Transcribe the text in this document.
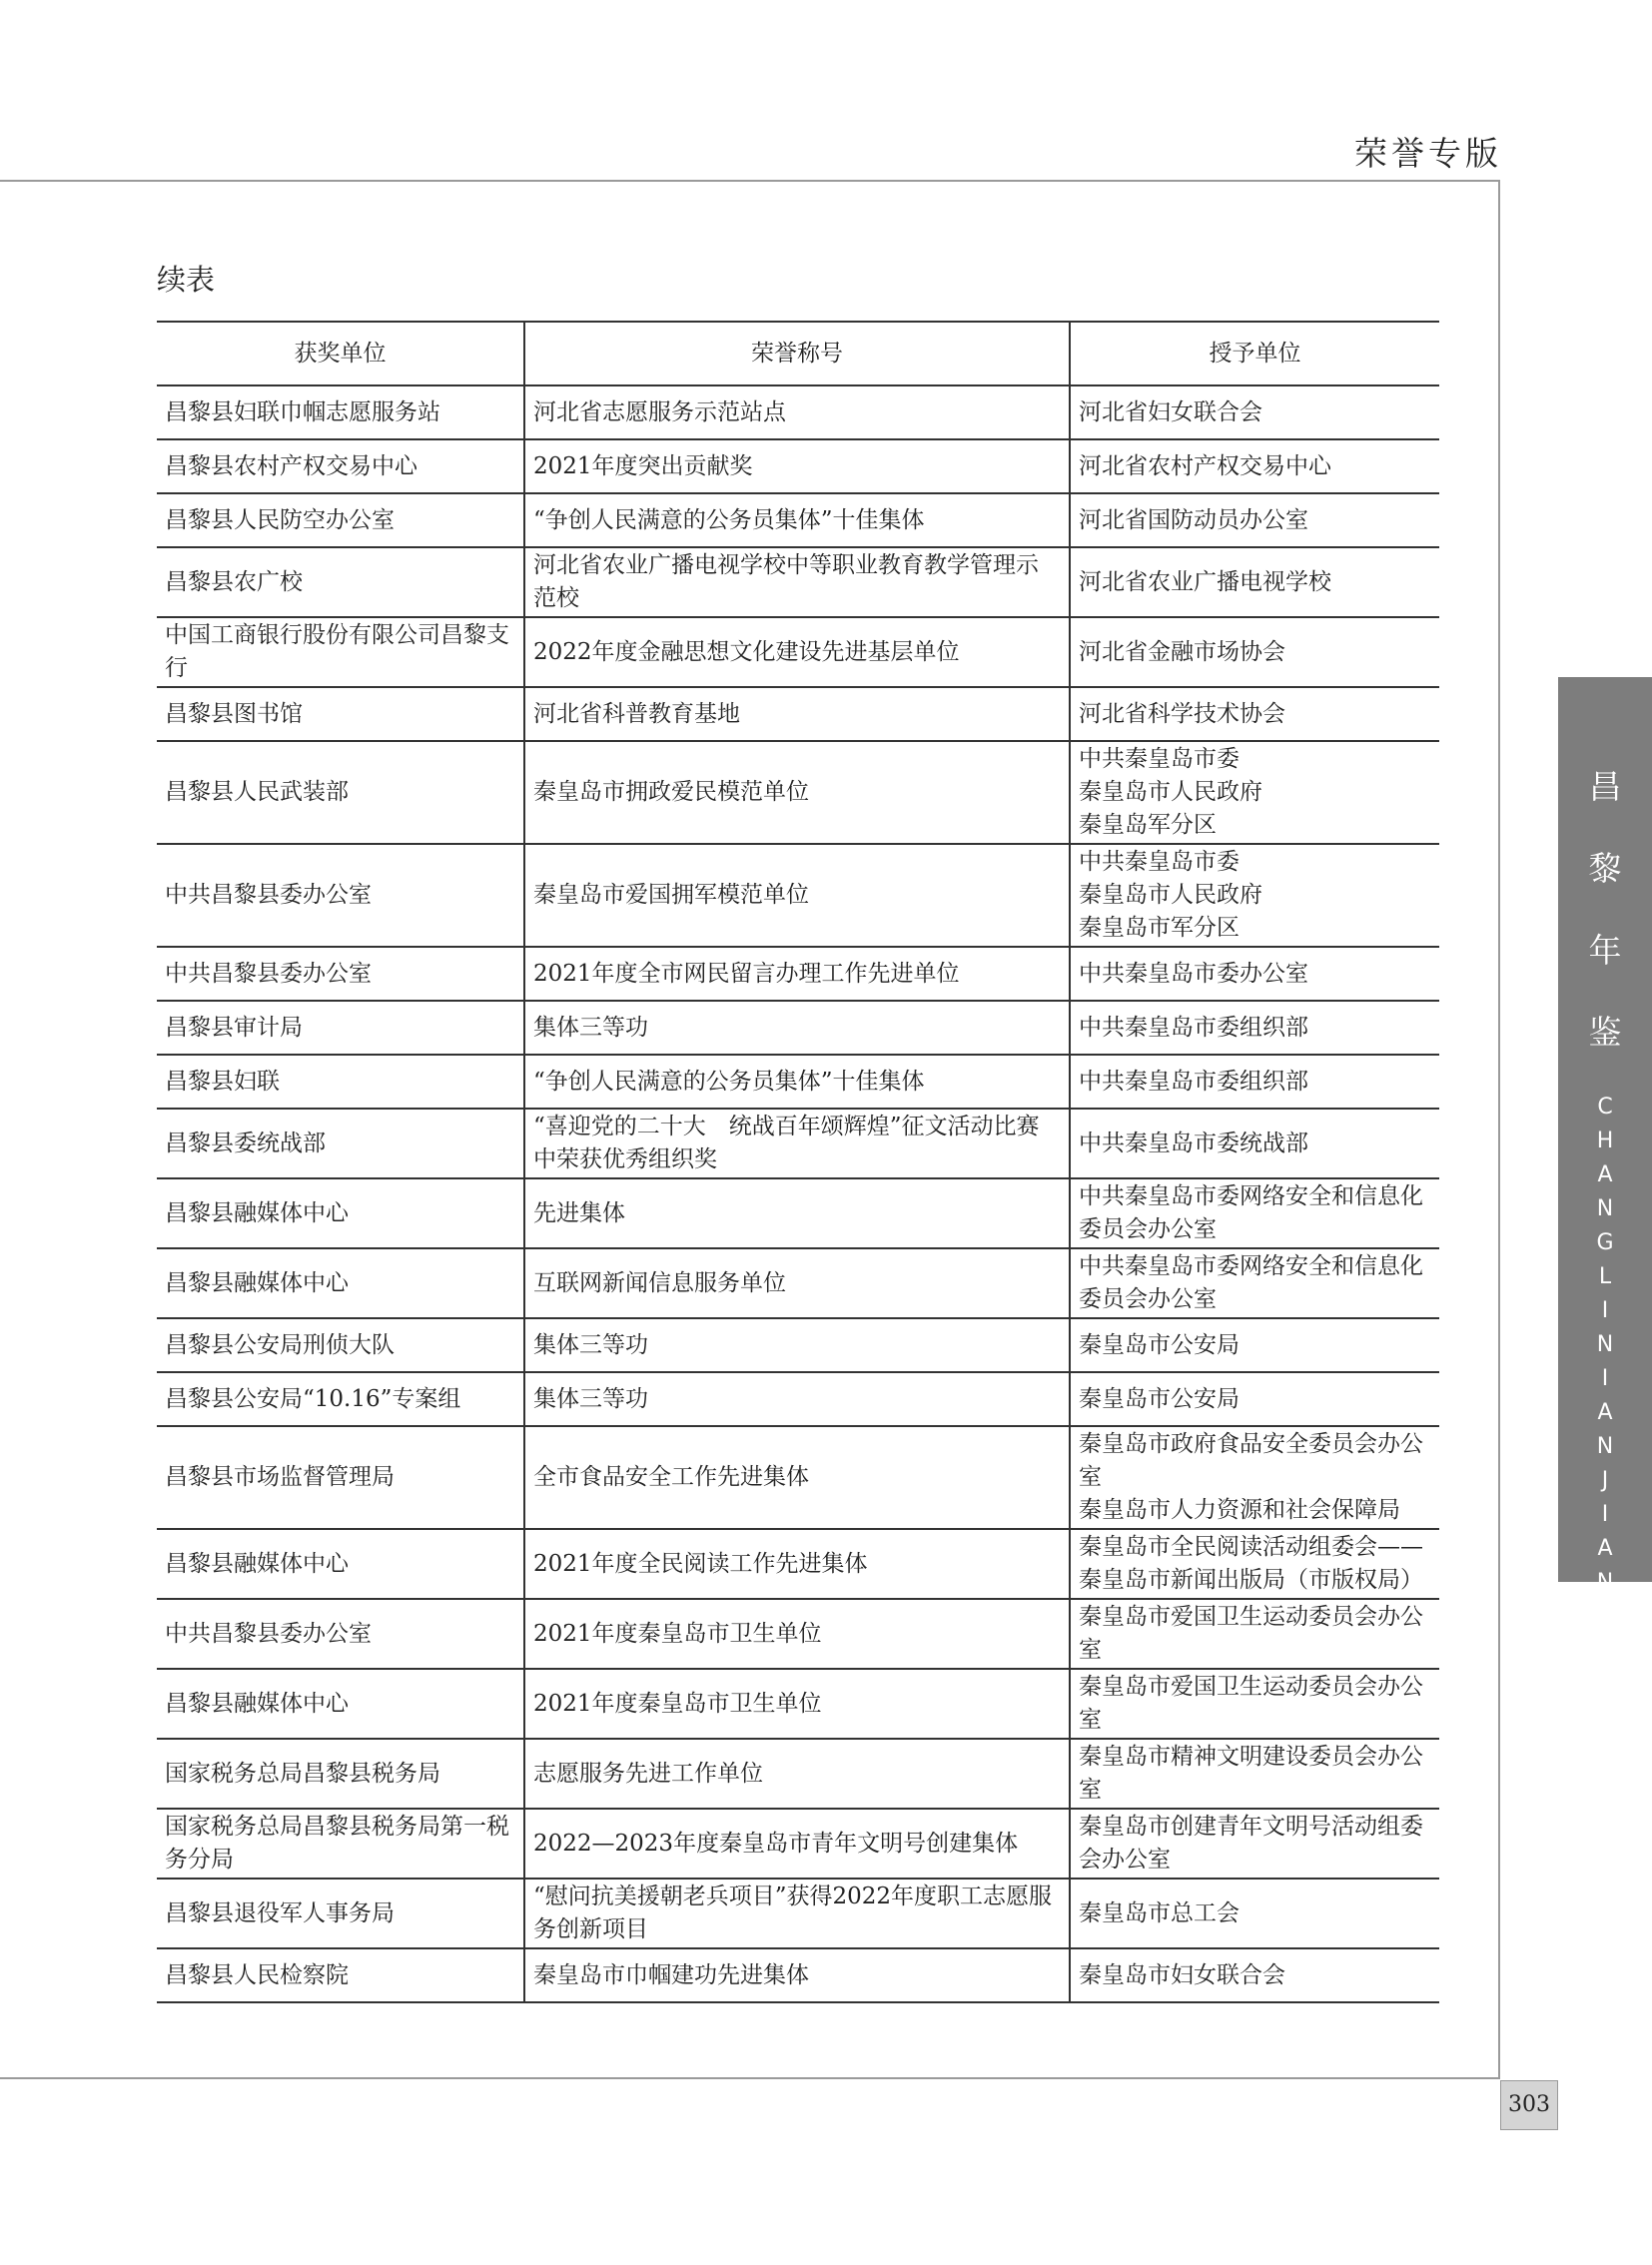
荣誉专版
昌
黎
年
鉴
C
H
A
N
G
L
I
N
I
A
N
J
I
A
N
续表
获奖单位	荣誉称号	授予单位
昌黎县妇联巾帼志愿服务站	河北省志愿服务示范站点	河北省妇女联合会
昌黎县农村产权交易中心	2021年度突出贡献奖	河北省农村产权交易中心
昌黎县人民防空办公室	“争创人民满意的公务员集体”十佳集体	河北省国防动员办公室
昌黎县农广校	河北省农业广播电视学校中等职业教育教学管理示范校	河北省农业广播电视学校
中国工商银行股份有限公司昌黎支行	2022年度金融思想文化建设先进基层单位	河北省金融市场协会
昌黎县图书馆	河北省科普教育基地	河北省科学技术协会
昌黎县人民武装部	秦皇岛市拥政爱民模范单位	中共秦皇岛市委
秦皇岛市人民政府
秦皇岛军分区
中共昌黎县委办公室	秦皇岛市爱国拥军模范单位	中共秦皇岛市委
秦皇岛市人民政府
秦皇岛市军分区
中共昌黎县委办公室	2021年度全市网民留言办理工作先进单位	中共秦皇岛市委办公室
昌黎县审计局	集体三等功	中共秦皇岛市委组织部
昌黎县妇联	“争创人民满意的公务员集体”十佳集体	中共秦皇岛市委组织部
昌黎县委统战部	“喜迎党的二十大　统战百年颂辉煌”征文活动比赛中荣获优秀组织奖	中共秦皇岛市委统战部
昌黎县融媒体中心	先进集体	中共秦皇岛市委网络安全和信息化委员会办公室
昌黎县融媒体中心	互联网新闻信息服务单位	中共秦皇岛市委网络安全和信息化委员会办公室
昌黎县公安局刑侦大队	集体三等功	秦皇岛市公安局
昌黎县公安局“10.16”专案组	集体三等功	秦皇岛市公安局
昌黎县市场监督管理局	全市食品安全工作先进集体	秦皇岛市政府食品安全委员会办公室
秦皇岛市人力资源和社会保障局
昌黎县融媒体中心	2021年度全民阅读工作先进集体	秦皇岛市全民阅读活动组委会——秦皇岛市新闻出版局（市版权局）
中共昌黎县委办公室	2021年度秦皇岛市卫生单位	秦皇岛市爱国卫生运动委员会办公室
昌黎县融媒体中心	2021年度秦皇岛市卫生单位	秦皇岛市爱国卫生运动委员会办公室
国家税务总局昌黎县税务局	志愿服务先进工作单位	秦皇岛市精神文明建设委员会办公室
国家税务总局昌黎县税务局第一税务分局	2022—2023年度秦皇岛市青年文明号创建集体	秦皇岛市创建青年文明号活动组委会办公室
昌黎县退役军人事务局	“慰问抗美援朝老兵项目”获得2022年度职工志愿服务创新项目	秦皇岛市总工会
昌黎县人民检察院	秦皇岛市巾帼建功先进集体	秦皇岛市妇女联合会
303
